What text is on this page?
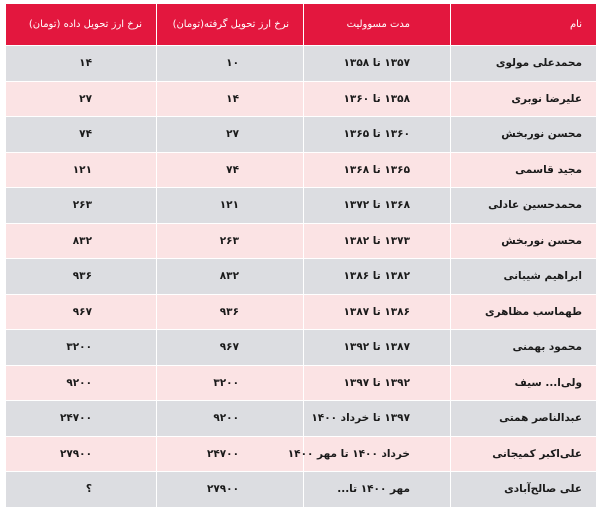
نام	مدت مسوولیت	نرخ ارز تحویل گرفته(تومان)	نرخ ارز تحویل داده (تومان)
محمدعلی مولوی	۱۳۵۷ تا ۱۳۵۸	۱۰	۱۴
علیرضا نوبری	۱۳۵۸ تا ۱۳۶۰	۱۴	۲۷
محسن نوربخش	۱۳۶۰ تا ۱۳۶۵	۲۷	۷۴
مجید قاسمی	۱۳۶۵ تا ۱۳۶۸	۷۴	۱۲۱
محمدحسین عادلی	۱۳۶۸ تا ۱۳۷۲	۱۲۱	۲۶۳
محسن نوربخش	۱۳۷۳ تا ۱۳۸۲	۲۶۳	۸۳۲
ابراهیم شیبانی	۱۳۸۲ تا ۱۳۸۶	۸۳۲	۹۳۶
طهماسب مظاهری	۱۳۸۶ تا ۱۳۸۷	۹۳۶	۹۶۷
محمود بهمنی	۱۳۸۷ تا ۱۳۹۲	۹۶۷	۳۲۰۰
ولی‌ا... سیف	۱۳۹۲ تا ۱۳۹۷	۳۲۰۰	۹۲۰۰
عبدالناصر همتی	۱۳۹۷ تا خرداد ۱۴۰۰	۹۲۰۰	۲۴۷۰۰
علی‌اکبر کمیجانی	خرداد ۱۴۰۰ تا مهر ۱۴۰۰	۲۴۷۰۰	۲۷۹۰۰
علی صالح‌آبادی	مهر ۱۴۰۰ تا...	۲۷۹۰۰	؟
